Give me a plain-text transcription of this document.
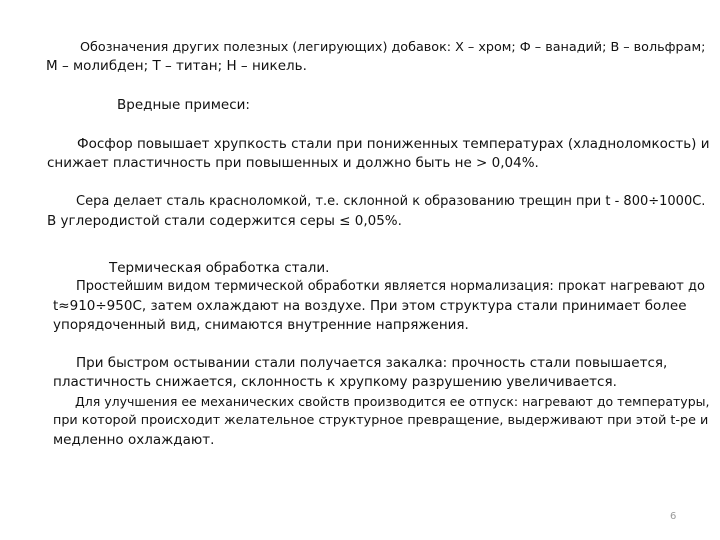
Обозначения других полезных (легирующих) добавок: Х – хром; Ф – ванадий; В – вольфрам;
М – молибден; Т – титан; Н – никель.
Вредные примеси:
Фосфор повышает хрупкость стали при пониженных температурах (хладноломкость) и
снижает пластичность при повышенных и должно быть не > 0,04%.
Сера делает сталь красноломкой, т.е. склонной к образованию трещин при t - 800÷1000С.
В углеродистой стали содержится серы ≤ 0,05%.
Термическая обработка стали.
Простейшим видом термической обработки является нормализация: прокат нагревают до
t≈910÷950С, затем охлаждают на воздухе. При этом структура стали принимает более
упорядоченный вид, снимаются внутренние напряжения.
При быстром остывании стали получается закалка: прочность стали повышается,
пластичность снижается, склонность к хрупкому разрушению увеличивается.
Для улучшения ее механических свойств производится ее отпуск: нагревают до температуры,
при которой происходит желательное структурное превращение, выдерживают при этой t-ре и
медленно охлаждают.
6
